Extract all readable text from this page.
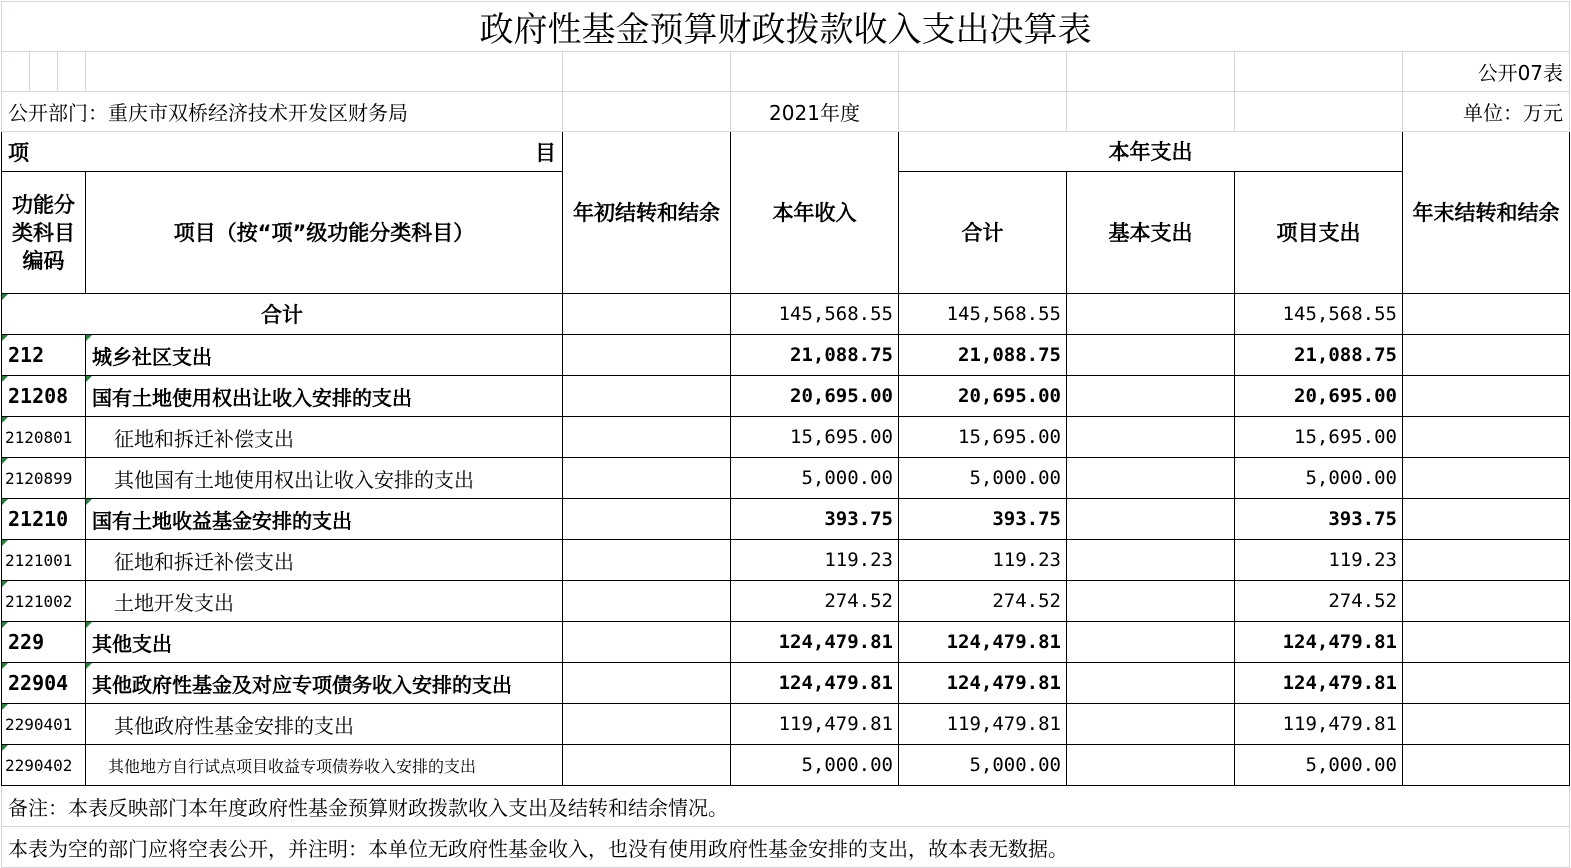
政府性基金预算财政拨款收入支出决算表									
									公开07表
公开部门：重庆市双桥经济技术开发区财务局					2021年度				单位：万元

项 目				年初结转和结余	本年收入	本年支出			年末结转和结余
功能分类科目编码			项目（按“项”级功能分类科目）			合计	基本支出	项目支出	
合计					145,568.55	145,568.55		145,568.55	
212			城乡社区支出		21,088.75	21,088.75		21,088.75	
21208			国有土地使用权出让收入安排的支出		20,695.00	20,695.00		20,695.00	
2120801			征地和拆迁补偿支出		15,695.00	15,695.00		15,695.00	
2120899			其他国有土地使用权出让收入安排的支出		5,000.00	5,000.00		5,000.00	
21210			国有土地收益基金安排的支出		393.75	393.75		393.75	
2121001			征地和拆迁补偿支出		119.23	119.23		119.23	
2121002			土地开发支出		274.52	274.52		274.52	
229			其他支出		124,479.81	124,479.81		124,479.81	
22904			其他政府性基金及对应专项债务收入安排的支出		124,479.81	124,479.81		124,479.81	
2290401			其他政府性基金安排的支出		119,479.81	119,479.81		119,479.81	
2290402			其他地方自行试点项目收益专项债券收入安排的支出		5,000.00	5,000.00		5,000.00	
备注：本表反映部门本年度政府性基金预算财政拨款收入支出及结转和结余情况。									
本表为空的部门应将空表公开，并注明：本单位无政府性基金收入，也没有使用政府性基金安排的支出，故本表无数据。									
